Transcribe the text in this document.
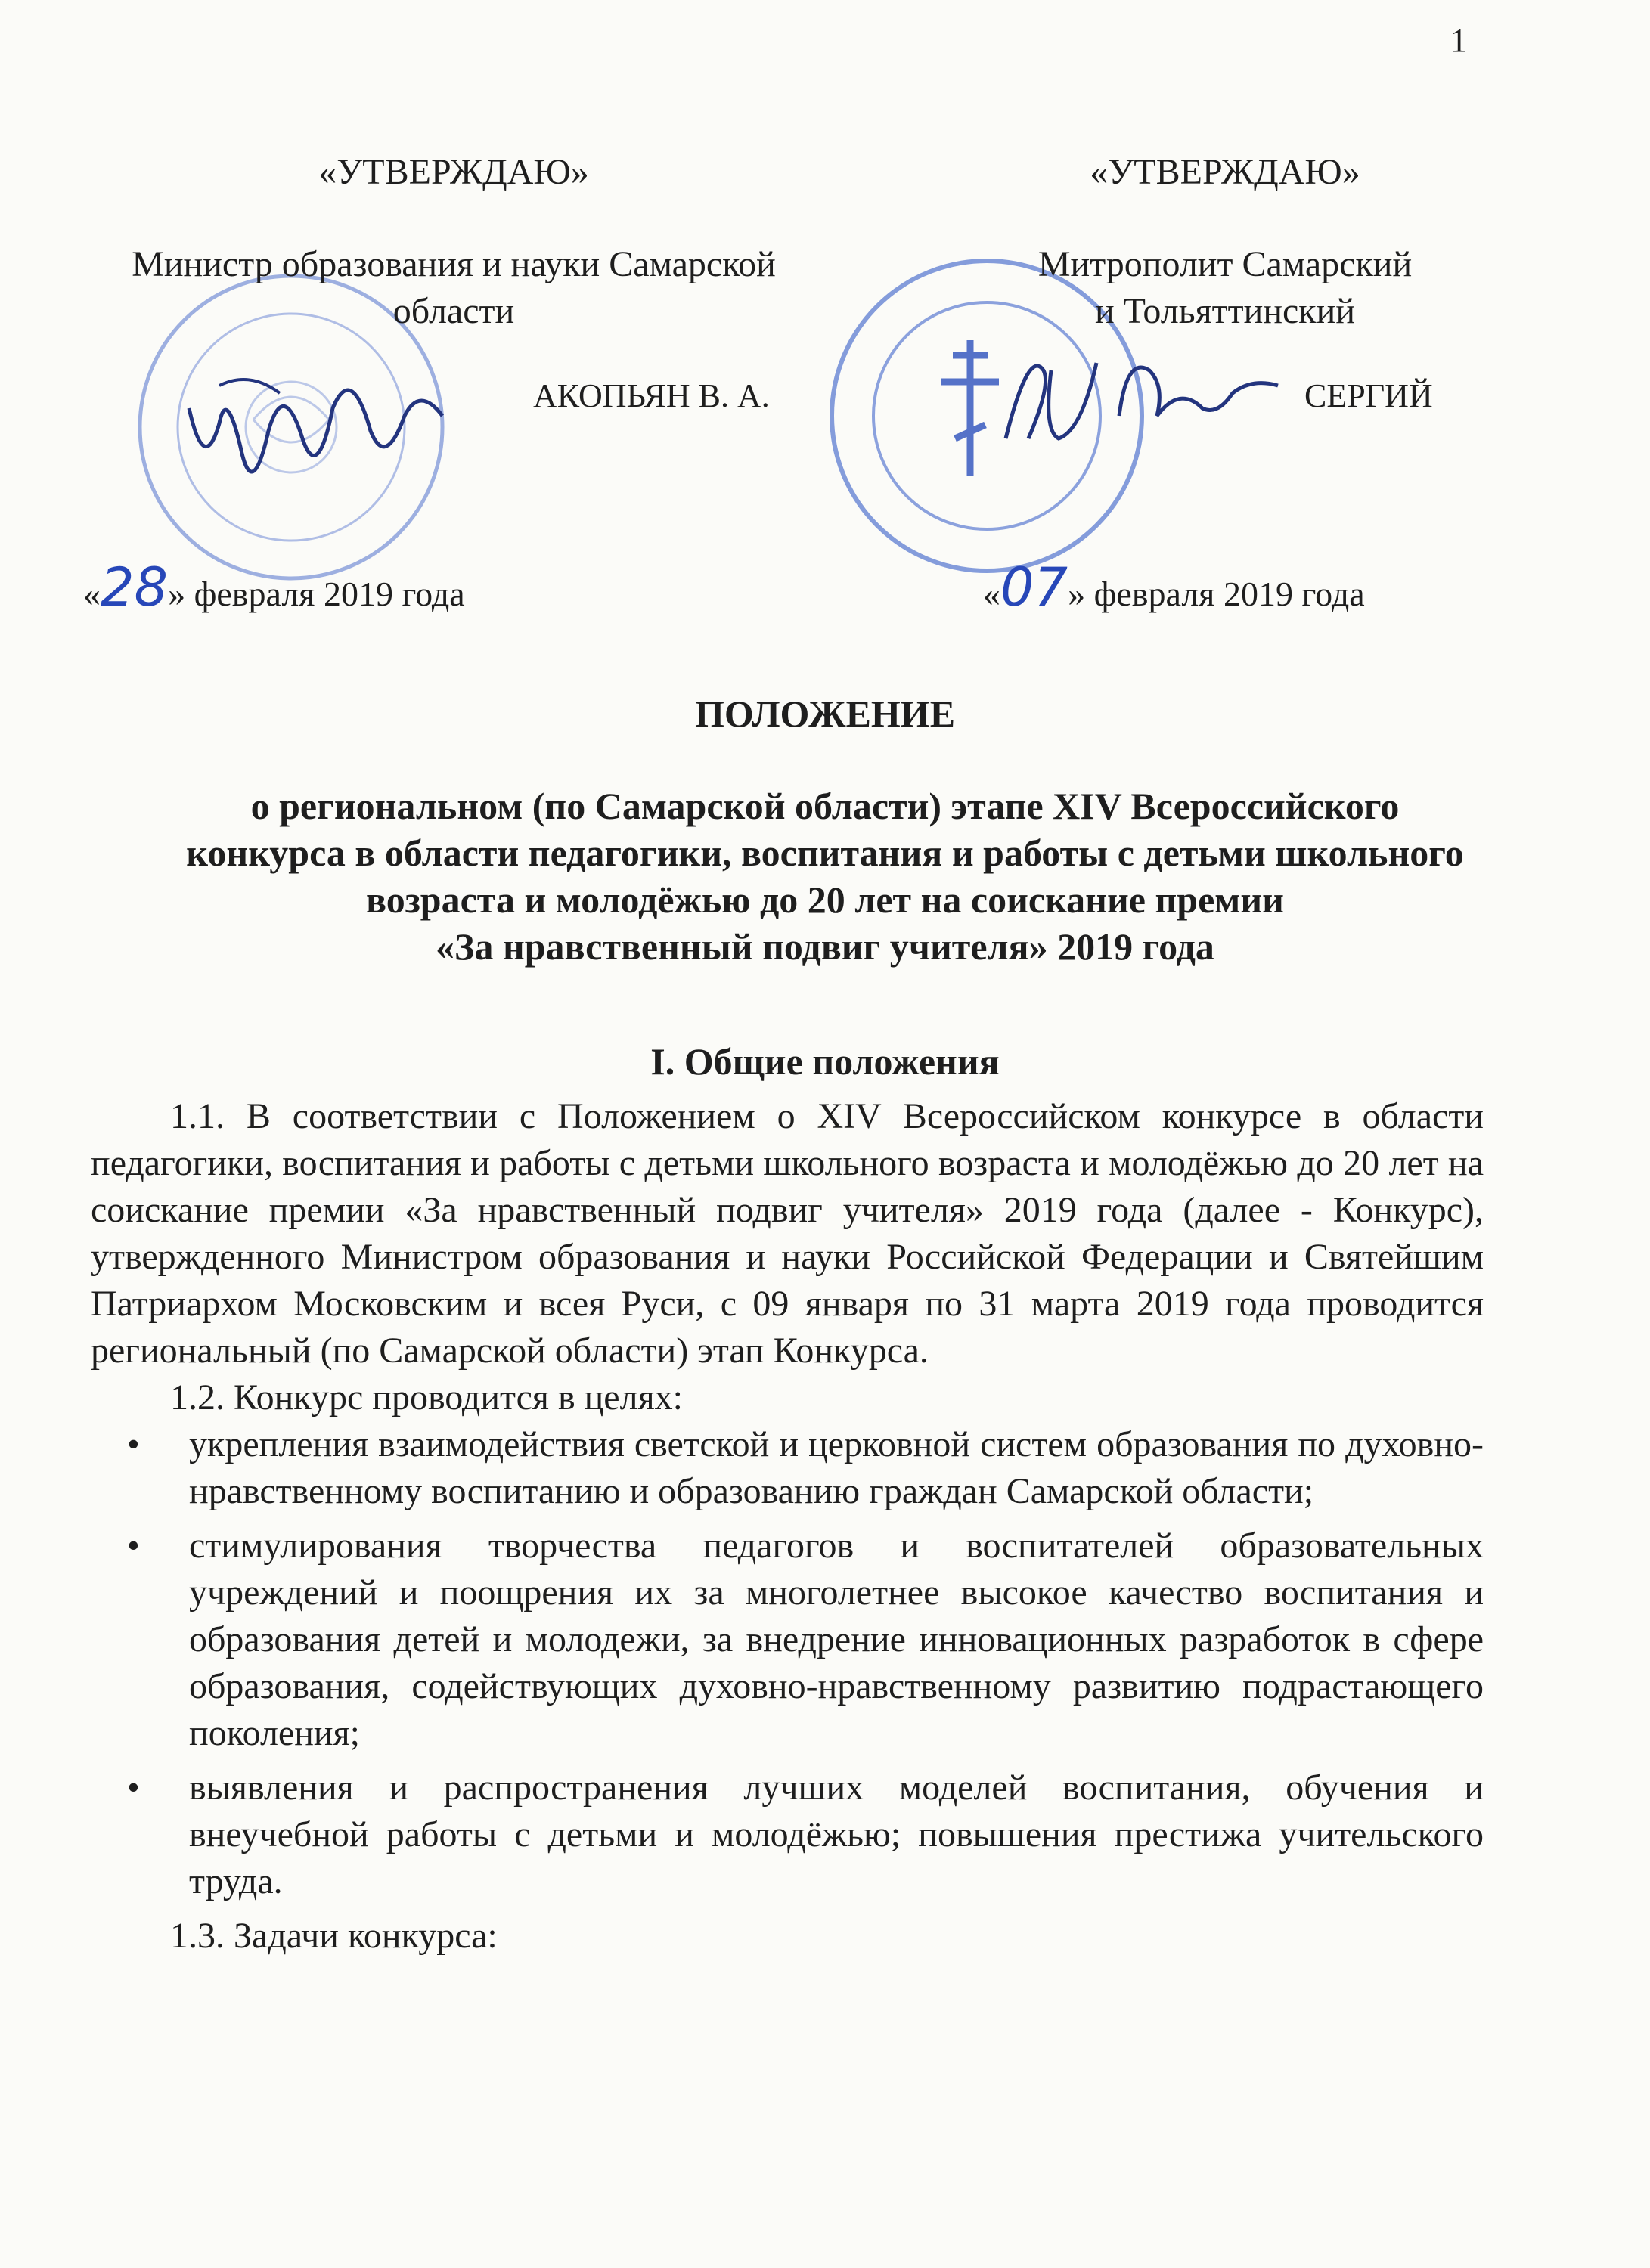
1
«УТВЕРЖДАЮ»
Министр образования и науки Самарской
области
АКОПЬЯН В. А.
«28» февраля 2019 года
«УТВЕРЖДАЮ»
Митрополит Самарский
и Тольяттинский
СЕРГИЙ
«07» февраля 2019 года
ПОЛОЖЕНИЕ
о региональном (по Самарской области) этапе XIV Всероссийского
конкурса в области педагогики, воспитания и работы с детьми школьного
возраста и молодёжью до 20 лет на соискание премии
«За нравственный подвиг учителя» 2019 года
I. Общие положения
1.1. В соответствии с Положением о XIV Всероссийском конкурсе в области педагогики, воспитания и работы с детьми школьного возраста и молодёжью до 20 лет на соискание премии «За нравственный подвиг учителя» 2019 года (далее - Конкурс), утвержденного Министром образования и науки Российской Федерации и Святейшим Патриархом Московским и всея Руси, с 09 января по 31 марта 2019 года проводится региональный (по Самарской области) этап Конкурса.
1.2. Конкурс проводится в целях:
• укрепления взаимодействия светской и церковной систем образования по духовно-нравственному воспитанию и образованию граждан Самарской области;
• стимулирования творчества педагогов и воспитателей образовательных учреждений и поощрения их за многолетнее высокое качество воспитания и образования детей и молодежи, за внедрение инновационных разработок в сфере образования, содействующих духовно-нравственному развитию подрастающего поколения;
• выявления и распространения лучших моделей воспитания, обучения и внеучебной работы с детьми и молодёжью; повышения престижа учительского труда.
1.3. Задачи конкурса:
